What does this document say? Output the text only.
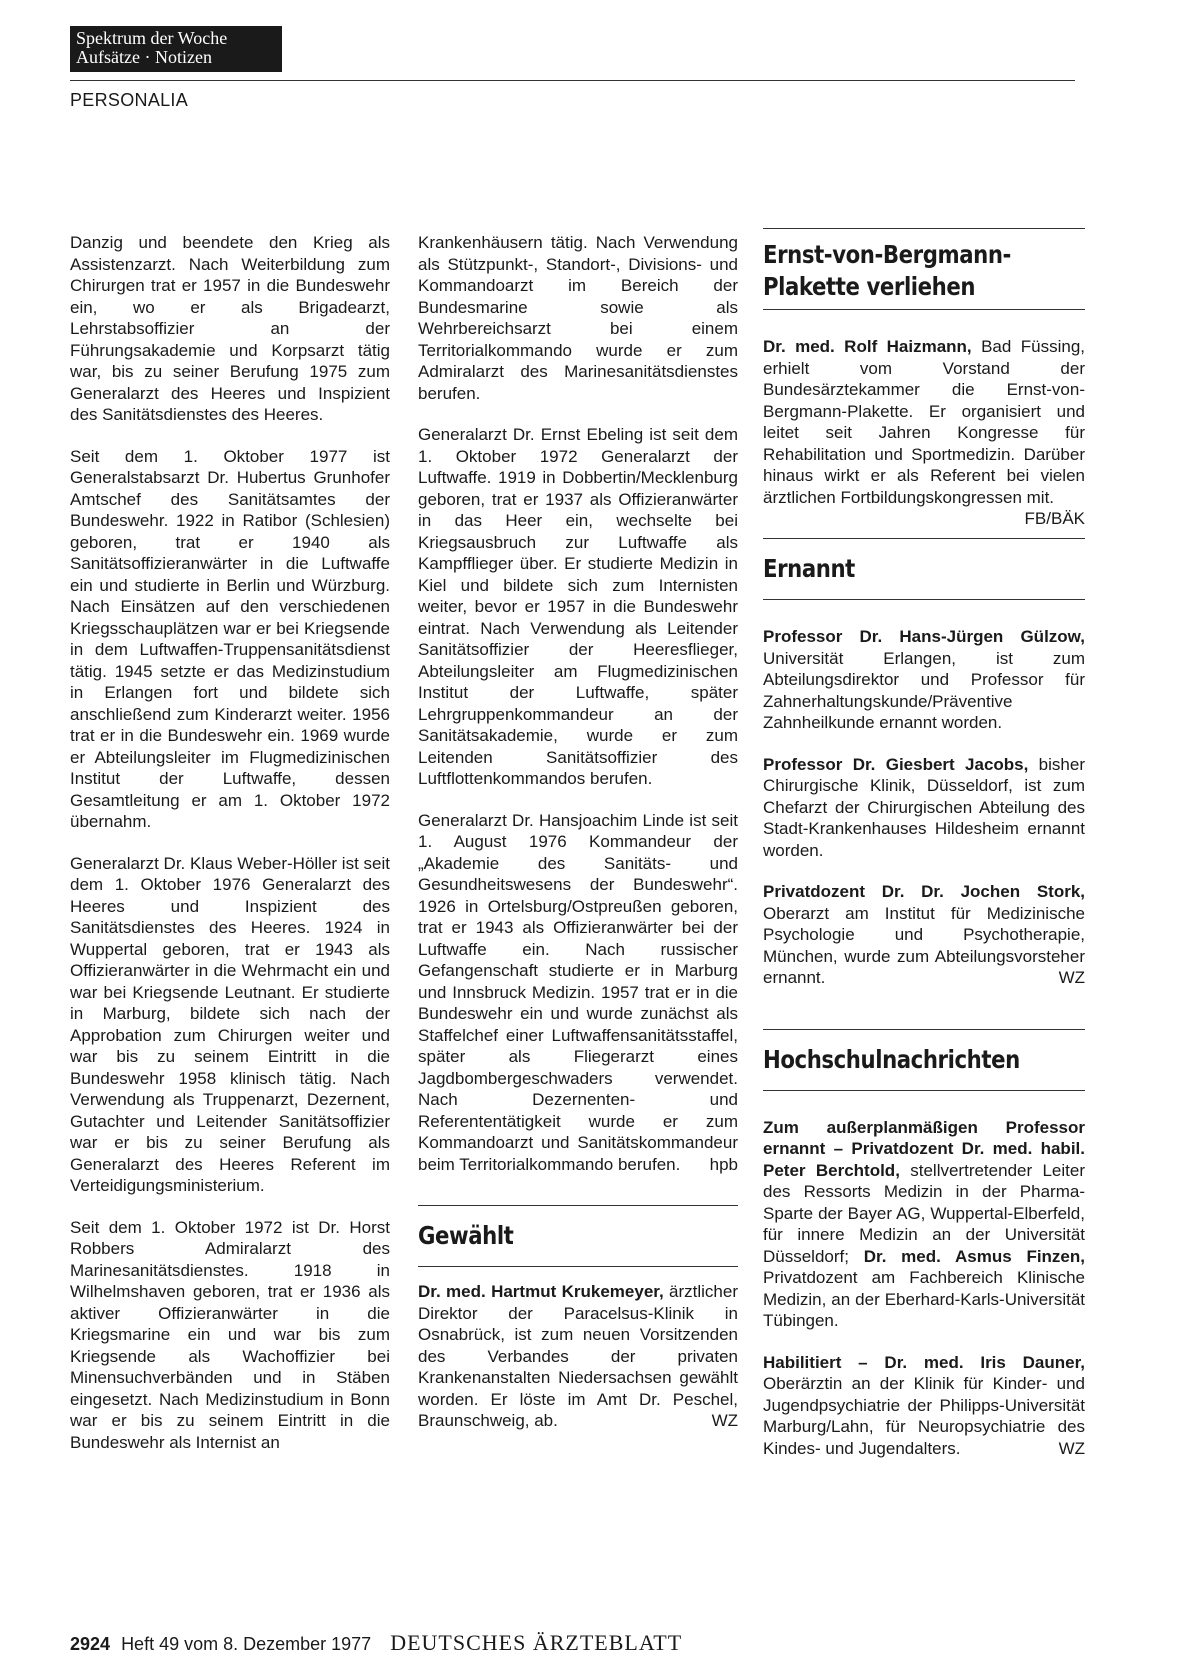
Spektrum der Woche
Aufsätze · Notizen
PERSONALIA

Danzig und beendete den Krieg als Assistenzarzt. Nach Weiterbildung zum Chirurgen trat er 1957 in die Bundeswehr ein, wo er als Brigadearzt, Lehrstabsoffizier an der Führungsakademie und Korpsarzt tätig war, bis zu seiner Berufung 1975 zum Generalarzt des Heeres und Inspizient des Sanitätsdienstes des Heeres.

Seit dem 1. Oktober 1977 ist Generalstabsarzt Dr. Hubertus Grunhofer Amtschef des Sanitätsamtes der Bundeswehr. 1922 in Ratibor (Schlesien) geboren, trat er 1940 als Sanitätsoffizieranwärter in die Luftwaffe ein und studierte in Berlin und Würzburg. Nach Einsätzen auf den verschiedenen Kriegsschauplätzen war er bei Kriegsende in dem Luftwaffen-Truppensanitätsdienst tätig. 1945 setzte er das Medizinstudium in Erlangen fort und bildete sich anschließend zum Kinderarzt weiter. 1956 trat er in die Bundeswehr ein. 1969 wurde er Abteilungsleiter im Flugmedizinischen Institut der Luftwaffe, dessen Gesamtleitung er am 1. Oktober 1972 übernahm.

Generalarzt Dr. Klaus Weber-Höller ist seit dem 1. Oktober 1976 Generalarzt des Heeres und Inspizient des Sanitätsdienstes des Heeres. 1924 in Wuppertal geboren, trat er 1943 als Offizieranwärter in die Wehrmacht ein und war bei Kriegsende Leutnant. Er studierte in Marburg, bildete sich nach der Approbation zum Chirurgen weiter und war bis zu seinem Eintritt in die Bundeswehr 1958 klinisch tätig. Nach Verwendung als Truppenarzt, Dezernent, Gutachter und Leitender Sanitätsoffizier war er bis zu seiner Berufung als Generalarzt des Heeres Referent im Verteidigungsministerium.

Seit dem 1. Oktober 1972 ist Dr. Horst Robbers Admiralarzt des Marinesanitätsdienstes. 1918 in Wilhelmshaven geboren, trat er 1936 als aktiver Offizieranwärter in die Kriegsmarine ein und war bis zum Kriegsende als Wachoffizier bei Minensuchverbänden und in Stäben eingesetzt. Nach Medizinstudium in Bonn war er bis zu seinem Eintritt in die Bundeswehr als Internist an

Krankenhäusern tätig. Nach Verwendung als Stützpunkt-, Standort-, Divisions- und Kommandoarzt im Bereich der Bundesmarine sowie als Wehrbereichsarzt bei einem Territorialkommando wurde er zum Admiralarzt des Marinesanitätsdienstes berufen.

Generalarzt Dr. Ernst Ebeling ist seit dem 1. Oktober 1972 Generalarzt der Luftwaffe. 1919 in Dobbertin/Mecklenburg geboren, trat er 1937 als Offizieranwärter in das Heer ein, wechselte bei Kriegsausbruch zur Luftwaffe als Kampfflieger über. Er studierte Medizin in Kiel und bildete sich zum Internisten weiter, bevor er 1957 in die Bundeswehr eintrat. Nach Verwendung als Leitender Sanitätsoffizier der Heeresflieger, Abteilungsleiter am Flugmedizinischen Institut der Luftwaffe, später Lehrgruppenkommandeur an der Sanitätsakademie, wurde er zum Leitenden Sanitätsoffizier des Luftflottenkommandos berufen.

Generalarzt Dr. Hansjoachim Linde ist seit 1. August 1976 Kommandeur der „Akademie des Sanitäts- und Gesundheitswesens der Bundeswehr“. 1926 in Ortelsburg/Ostpreußen geboren, trat er 1943 als Offizieranwärter bei der Luftwaffe ein. Nach russischer Gefangenschaft studierte er in Marburg und Innsbruck Medizin. 1957 trat er in die Bundeswehr ein und wurde zunächst als Staffelchef einer Luftwaffensanitätsstaffel, später als Fliegerarzt eines Jagdbombergeschwaders verwendet. Nach Dezernenten- und Referententätigkeit wurde er zum Kommandoarzt und Sanitätskommandeur beim Territorialkommando berufen. hpb

Gewählt

Dr. med. Hartmut Krukemeyer, ärztlicher Direktor der Paracelsus-Klinik in Osnabrück, ist zum neuen Vorsitzenden des Verbandes der privaten Krankenanstalten Niedersachsen gewählt worden. Er löste im Amt Dr. Peschel, Braunschweig, ab.	WZ

Ernst-von-Bergmann-
Plakette verliehen

Dr. med. Rolf Haizmann, Bad Füssing, erhielt vom Vorstand der Bundesärztekammer die Ernst-von-Bergmann-Plakette. Er organisiert und leitet seit Jahren Kongresse für Rehabilitation und Sportmedizin. Darüber hinaus wirkt er als Referent bei vielen ärztlichen Fortbildungskongressen mit.
FB/BÄK

Ernannt

Professor Dr. Hans-Jürgen Gülzow, Universität Erlangen, ist zum Abteilungsdirektor und Professor für Zahnerhaltungskunde/Präventive Zahnheilkunde ernannt worden.

Professor Dr. Giesbert Jacobs, bisher Chirurgische Klinik, Düsseldorf, ist zum Chefarzt der Chirurgischen Abteilung des Stadt-Krankenhauses Hildesheim ernannt worden.

Privatdozent Dr. Dr. Jochen Stork, Oberarzt am Institut für Medizinische Psychologie und Psychotherapie, München, wurde zum Abteilungsvorsteher ernannt.	WZ

Hochschulnachrichten

Zum außerplanmäßigen Professor ernannt – Privatdozent Dr. med. habil. Peter Berchtold, stellvertretender Leiter des Ressorts Medizin in der Pharma-Sparte der Bayer AG, Wuppertal-Elberfeld, für innere Medizin an der Universität Düsseldorf; Dr. med. Asmus Finzen, Privatdozent am Fachbereich Klinische Medizin, an der Eberhard-Karls-Universität Tübingen.

Habilitiert – Dr. med. Iris Dauner, Oberärztin an der Klinik für Kinder- und Jugendpsychiatrie der Philipps-Universität Marburg/Lahn, für Neuropsychiatrie des Kindes- und Jugendalters.	WZ

2924 Heft 49 vom 8. Dezember 1977 DEUTSCHES ÄRZTEBLATT
